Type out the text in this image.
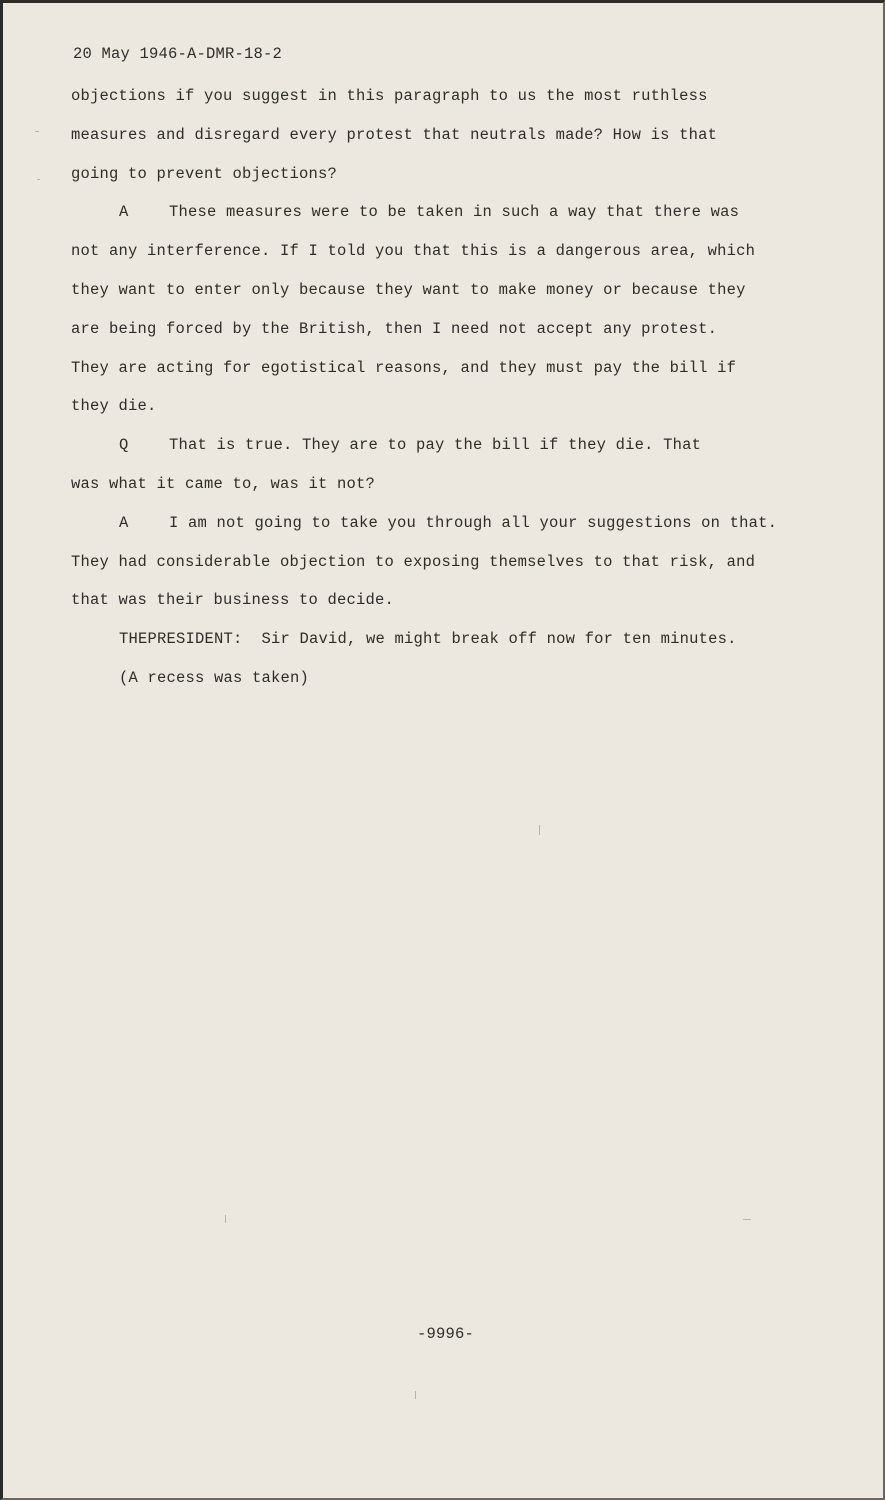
20 May 1946-A-DMR-18-2
objections if you suggest in this paragraph to us the most ruthless
measures and disregard every protest that neutrals made? How is that
going to prevent objections?
A	These measures were to be taken in such a way that there was
not any interference. If I told you that this is a dangerous area, which
they want to enter only because they want to make money or because they
are being forced by the British, then I need not accept any protest.
They are acting for egotistical reasons, and they must pay the bill if
they die.
Q	That is true. They are to pay the bill if they die. That
was what it came to, was it not?
A	I am not going to take you through all your suggestions on that.
They had considerable objection to exposing themselves to that risk, and
that was their business to decide.
THEPRESIDENT:  Sir David, we might break off now for ten minutes.
(A recess was taken)
-9996-
